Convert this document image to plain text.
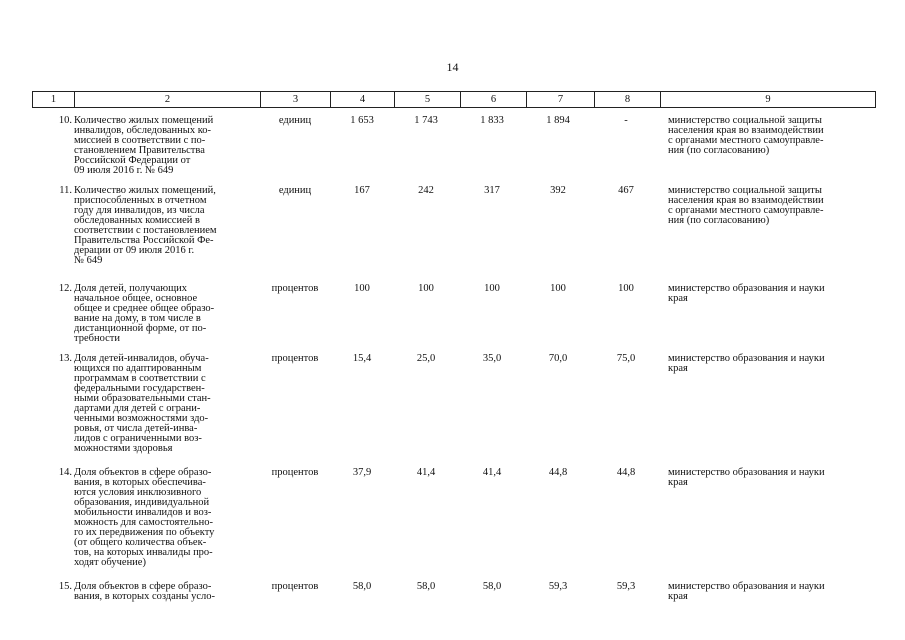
14
1	2	3	4	5	6	7	8	9
10. Количество жилых помещений
инвалидов, обследованных ко-
миссией в соответствии с по-
становлением Правительства
Российской Федерации от
09 июля 2016 г. № 649
единиц	1 653	1 743	1 833	1 894	-	министерство социальной защиты
населения края во взаимодействии
с органами местного самоуправле-
ния (по согласованию)
11. Количество жилых помещений,
приспособленных в отчетном
году для инвалидов, из числа
обследованных комиссией в
соответствии с постановлением
Правительства Российской Фе-
дерации от 09 июля 2016 г.
№ 649
единиц	167	242	317	392	467	министерство социальной защиты
населения края во взаимодействии
с органами местного самоуправле-
ния (по согласованию)
12. Доля детей, получающих
начальное общее, основное
общее и среднее общее образо-
вание на дому, в том числе в
дистанционной форме, от по-
требности
процентов	100	100	100	100	100	министерство образования и науки
края
13. Доля детей-инвалидов, обуча-
ющихся по адаптированным
программам в соответствии с
федеральными государствен-
ными образовательными стан-
дартами для детей с ограни-
ченными возможностями здо-
ровья, от числа детей-инва-
лидов с ограниченными воз-
можностями здоровья
процентов	15,4	25,0	35,0	70,0	75,0	министерство образования и науки
края
14. Доля объектов в сфере образо-
вания, в которых обеспечива-
ются условия инклюзивного
образования, индивидуальной
мобильности инвалидов и воз-
можность для самостоятельно-
го их передвижения по объекту
(от общего количества объек-
тов, на которых инвалиды про-
ходят обучение)
процентов	37,9	41,4	41,4	44,8	44,8	министерство образования и науки
края
15. Доля объектов в сфере образо-
вания, в которых созданы усло-
процентов	58,0	58,0	58,0	59,3	59,3	министерство образования и науки
края
